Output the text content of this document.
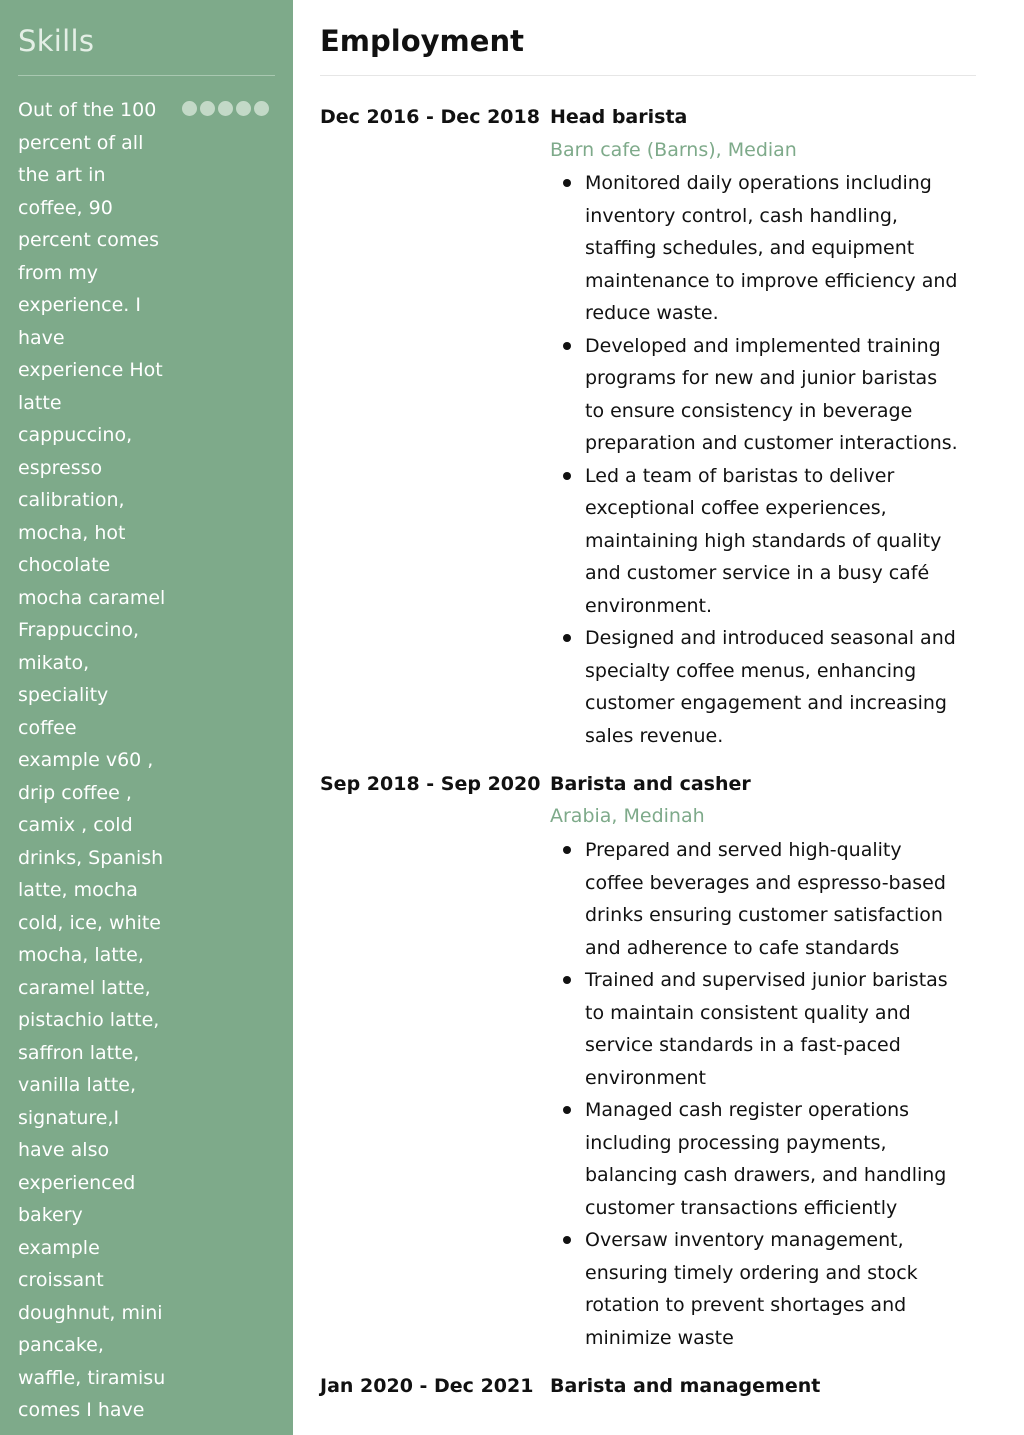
Skills
Out of the 100
percent of all
the art in
coffee, 90
percent comes
from my
experience. I
have
experience Hot
latte
cappuccino,
espresso
calibration,
mocha, hot
chocolate
mocha caramel
Frappuccino,
mikato,
speciality
coffee
example v60 ,
drip coffee ,
camix , cold
drinks, Spanish
latte, mocha
cold, ice, white
mocha, latte,
caramel latte,
pistachio latte,
saffron latte,
vanilla latte,
signature,I
have also
experienced
bakery
example
croissant
doughnut, mini
pancake,
waffle, tiramisu
comes I have
Employment
Dec 2016 - Dec 2018 Head barista
Barn cafe (Barns), Median
Monitored daily operations including
inventory control, cash handling,
staffing schedules, and equipment
maintenance to improve efficiency and
reduce waste.
Developed and implemented training
programs for new and junior baristas
to ensure consistency in beverage
preparation and customer interactions.
Led a team of baristas to deliver
exceptional coffee experiences,
maintaining high standards of quality
and customer service in a busy café
environment.
Designed and introduced seasonal and
specialty coffee menus, enhancing
customer engagement and increasing
sales revenue.
Sep 2018 - Sep 2020 Barista and casher
Arabia, Medinah
Prepared and served high-quality
coffee beverages and espresso-based
drinks ensuring customer satisfaction
and adherence to cafe standards
Trained and supervised junior baristas
to maintain consistent quality and
service standards in a fast-paced
environment
Managed cash register operations
including processing payments,
balancing cash drawers, and handling
customer transactions efficiently
Oversaw inventory management,
ensuring timely ordering and stock
rotation to prevent shortages and
minimize waste
Jan 2020 - Dec 2021 Barista and management
